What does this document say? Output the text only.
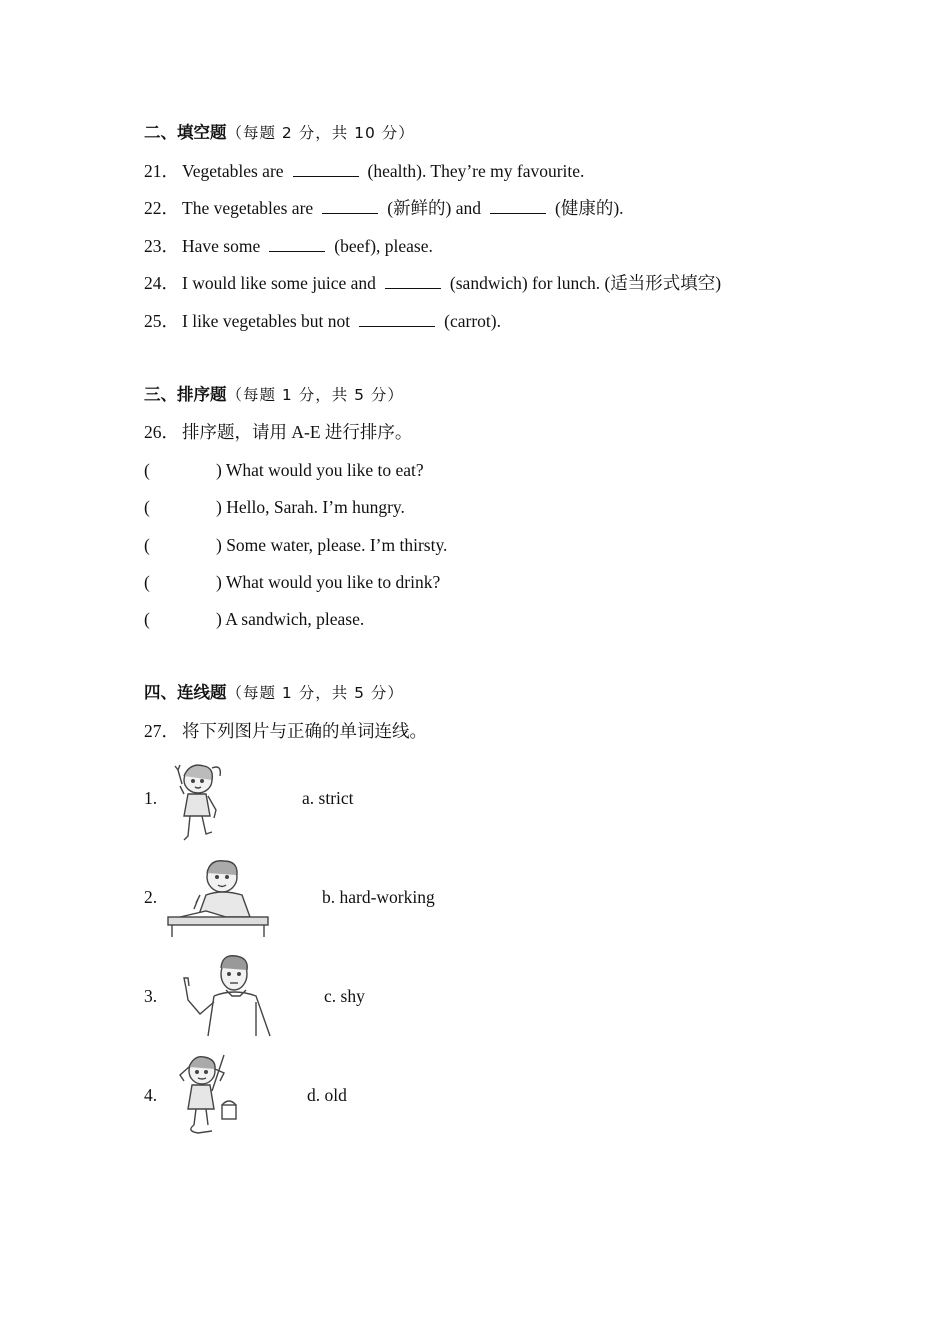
二、填空题（每题 2 分，共 10 分）
21． Vegetables are	(health). They’re my favourite.
22． The vegetables are	(新鲜的) and	(健康的).
23． Have some	(beef), please.
24． I would like some juice and	(sandwich) for lunch. (适当形式填空)
25． I like vegetables but not	(carrot).
三、排序题（每题 1 分，共 5 分）
26． 排序题，请用 A-E 进行排序。
(	) What would you like to eat?
(	) Hello, Sarah. I’m hungry.
(	) Some water, please. I’m thirsty.
(	) What would you like to drink?
(	) A sandwich, please.
四、连线题（每题 1 分，共 5 分）
27． 将下列图片与正确的单词连线。
1.	a. strict
2.	b. hard-working
3.	c. shy
4.	d. old
